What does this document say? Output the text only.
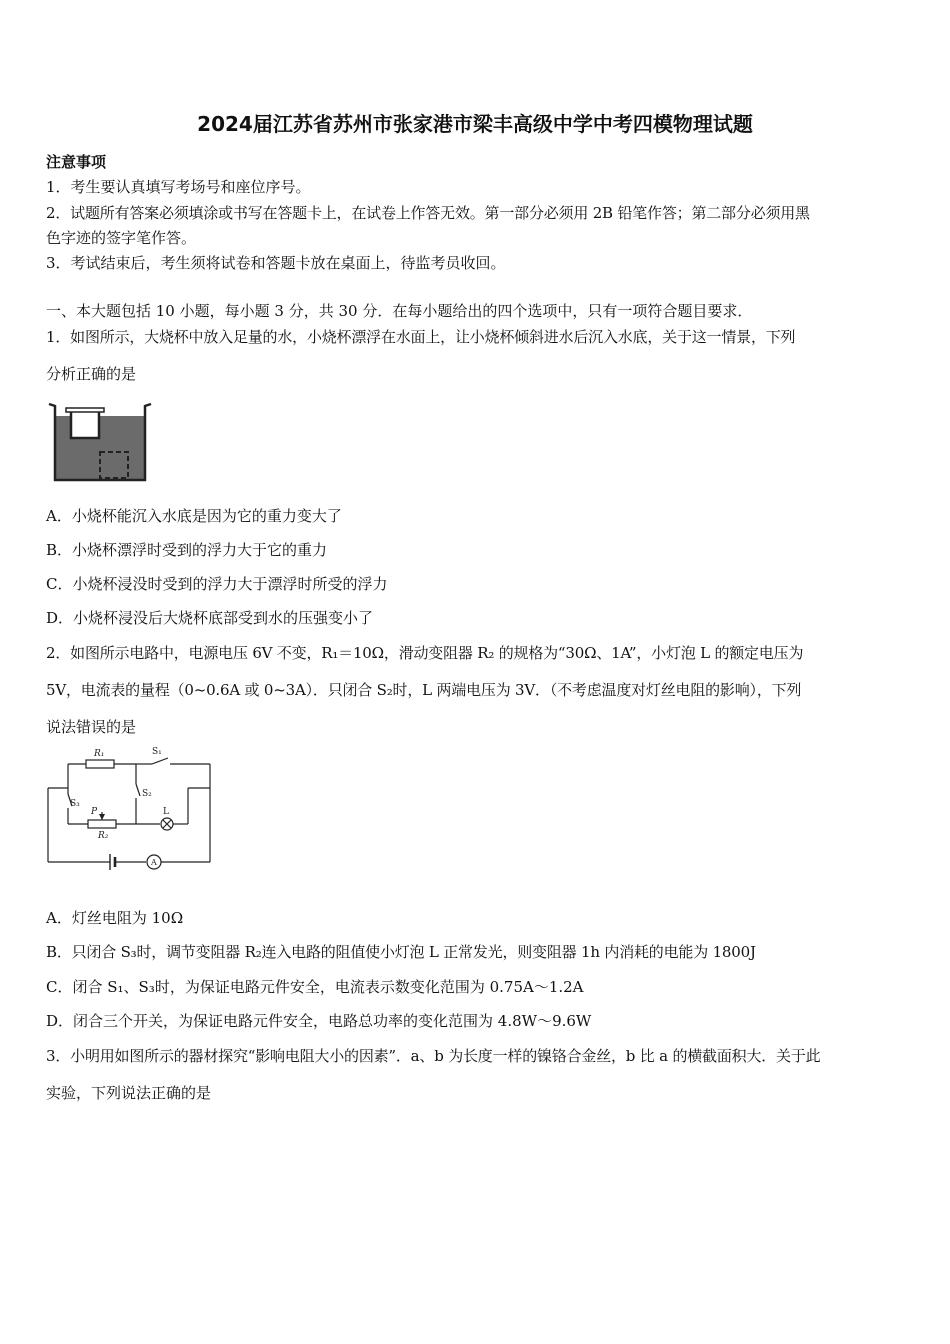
2024届江苏省苏州市张家港市梁丰高级中学中考四模物理试题
注意事项
1．考生要认真填写考场号和座位序号。
2．试题所有答案必须填涂或书写在答题卡上，在试卷上作答无效。第一部分必须用 2B 铅笔作答；第二部分必须用黑
色字迹的签字笔作答。
3．考试结束后，考生须将试卷和答题卡放在桌面上，待监考员收回。
一、本大题包括 10 小题，每小题 3 分，共 30 分．在每小题给出的四个选项中，只有一项符合题目要求．
1．如图所示，大烧杯中放入足量的水，小烧杯漂浮在水面上，让小烧杯倾斜进水后沉入水底，关于这一情景，下列
分析正确的是
A．小烧杯能沉入水底是因为它的重力变大了
B．小烧杯漂浮时受到的浮力大于它的重力
C．小烧杯浸没时受到的浮力大于漂浮时所受的浮力
D．小烧杯浸没后大烧杯底部受到水的压强变小了
2．如图所示电路中，电源电压 6V 不变，R₁＝10Ω，滑动变阻器 R₂ 的规格为“30Ω、1A”，小灯泡 L 的额定电压为
5V，电流表的量程（0~0.6A 或 0~3A）．只闭合 S₂时，L 两端电压为 3V．（不考虑温度对灯丝电阻的影响），下列
说法错误的是
R₁	S₁
S₂
S₃
P
R₂
L
A
A．灯丝电阻为 10Ω
B．只闭合 S₃时，调节变阻器 R₂连入电路的阻值使小灯泡 L 正常发光，则变阻器 1h 内消耗的电能为 1800J
C．闭合 S₁、S₃时，为保证电路元件安全，电流表示数变化范围为 0.75A～1.2A
D．闭合三个开关，为保证电路元件安全，电路总功率的变化范围为 4.8W～9.6W
3．小明用如图所示的器材探究“影响电阻大小的因素”．a、b 为长度一样的镍铬合金丝，b 比 a 的横截面积大．关于此
实验，下列说法正确的是
